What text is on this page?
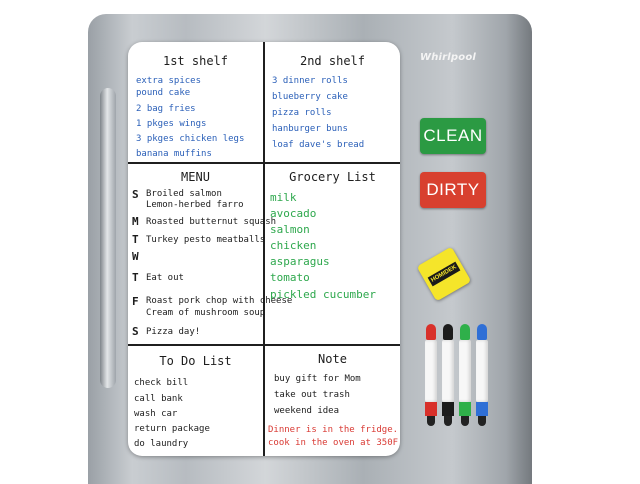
Whirlpool
1st shelf
extra spices
pound cake
2 bag fries
1 pkges wings
3 pkges chicken legs
banana muffins
2nd shelf
3 dinner rolls
blueberry cake
pizza rolls
hanburger buns
loaf dave's bread
MENU
S Broiled salmon
Lemon-herbed farro
M Roasted butternut squash
T Turkey pesto meatballs
W
T Eat out
F Roast pork chop with cheese
Cream of mushroom soup
S Pizza day!
Grocery List
milk
avocado
salmon
chicken
asparagus
tomato
pickled cucumber
To Do List
check bill
call bank
wash car
return package
do laundry
Note
buy gift for Mom
take out trash
weekend idea
Dinner is in the fridge.
cook in the oven at 350F
CLEAN
DIRTY
HOMIDEK
